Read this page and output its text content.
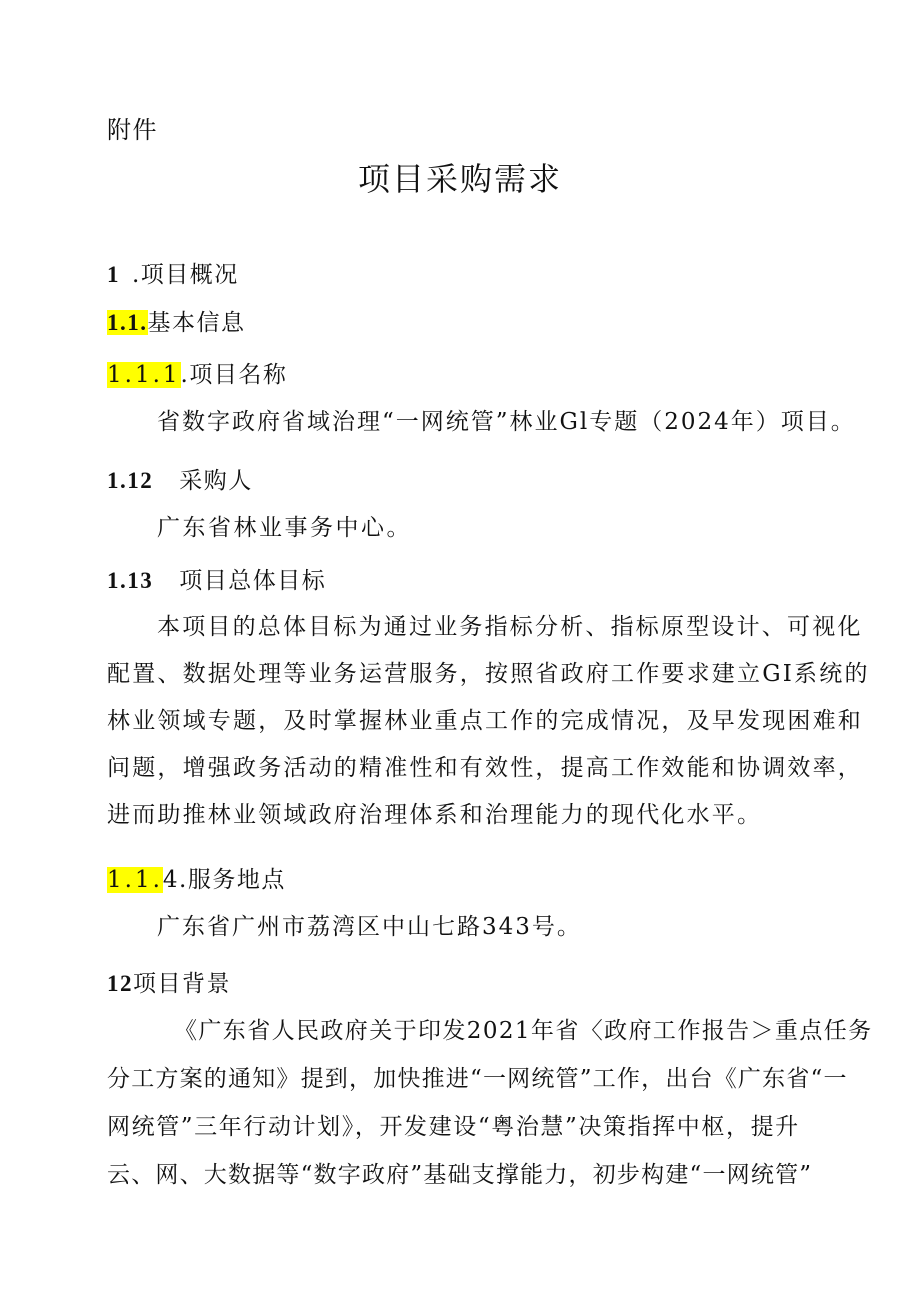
附件
项目采购需求
1 .项目概况
1.1.基本信息
1.1.1.项目名称
省数字政府省域治理“一网统管”林业Gl专题（2024年）项目。
1.12 采购人
广东省林业事务中心。
1.13 项目总体目标
本项目的总体目标为通过业务指标分析、指标原型设计、可视化
配置、数据处理等业务运营服务，按照省政府工作要求建立GI系统的
林业领域专题，及时掌握林业重点工作的完成情况，及早发现困难和
问题，增强政务活动的精准性和有效性，提高工作效能和协调效率，
进而助推林业领域政府治理体系和治理能力的现代化水平。
1.1.4.服务地点
广东省广州市荔湾区中山七路343号。
12项目背景
《广东省人民政府关于印发2021年省〈政府工作报告＞重点任务
分工方案的通知》提到，加快推进“一网统管”工作，出台《广东省“一
网统管”三年行动计划》，开发建设“粤治慧”决策指挥中枢，提升
云、网、大数据等“数字政府”基础支撑能力，初步构建“一网统管”
